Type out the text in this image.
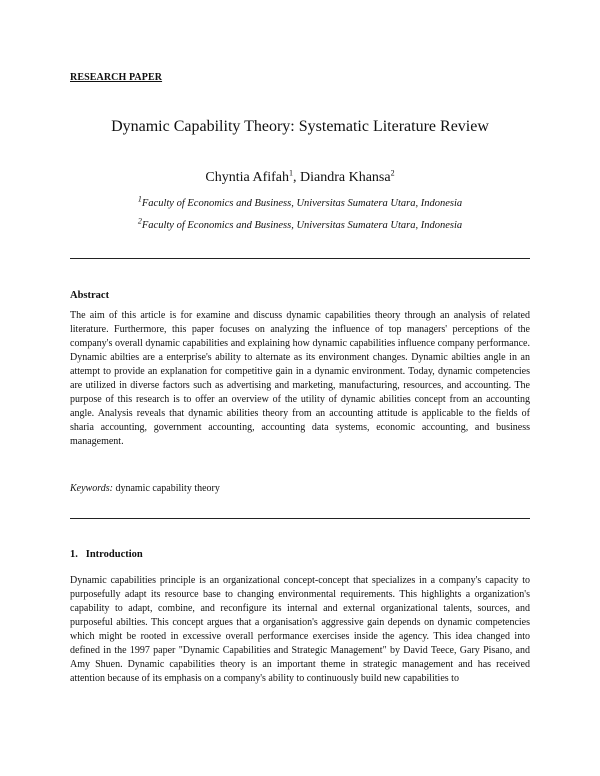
RESEARCH PAPER
Dynamic Capability Theory: Systematic Literature Review
Chyntia Afifah$^1$, Diandra Khansa$^2$
$^1$Faculty of Economics and Business, Universitas Sumatera Utara, Indonesia
$^2$Faculty of Economics and Business, Universitas Sumatera Utara, Indonesia
Abstract
The aim of this article is for examine and discuss dynamic capabilities theory through an analysis of related literature. Furthermore, this paper focuses on analyzing the influence of top managers' perceptions of the company's overall dynamic capabilities and explaining how dynamic capabilities influence company performance. Dynamic abilties are a enterprise's ability to alternate as its environment changes. Dynamic abilties angle in an attempt to provide an explanation for competitive gain in a dynamic environment. Today, dynamic competencies are utilized in diverse factors such as advertising and marketing, manufacturing, resources, and accounting. The purpose of this research is to offer an overview of the utility of dynamic abilities concept from an accounting angle. Analysis reveals that dynamic abilities theory from an accounting attitude is applicable to the fields of sharia accounting, government accounting, accounting data systems, economic accounting, and business management.
Keywords: dynamic capability theory
1.   Introduction
Dynamic capabilities principle is an organizational concept-concept that specializes in a company's capacity to purposefully adapt its resource base to changing environmental requirements. This highlights a organization's capability to adapt, combine, and reconfigure its internal and external organizational talents, sources, and purposeful abilties. This concept argues that a organisation's aggressive gain depends on dynamic competencies which might be rooted in excessive overall performance exercises inside the agency. This idea changed into defined in the 1997 paper "Dynamic Capabilities and Strategic Management" by David Teece, Gary Pisano, and Amy Shuen. Dynamic capabilities theory is an important theme in strategic management and has received attention because of its emphasis on a company's ability to continuously build new capabilities to
